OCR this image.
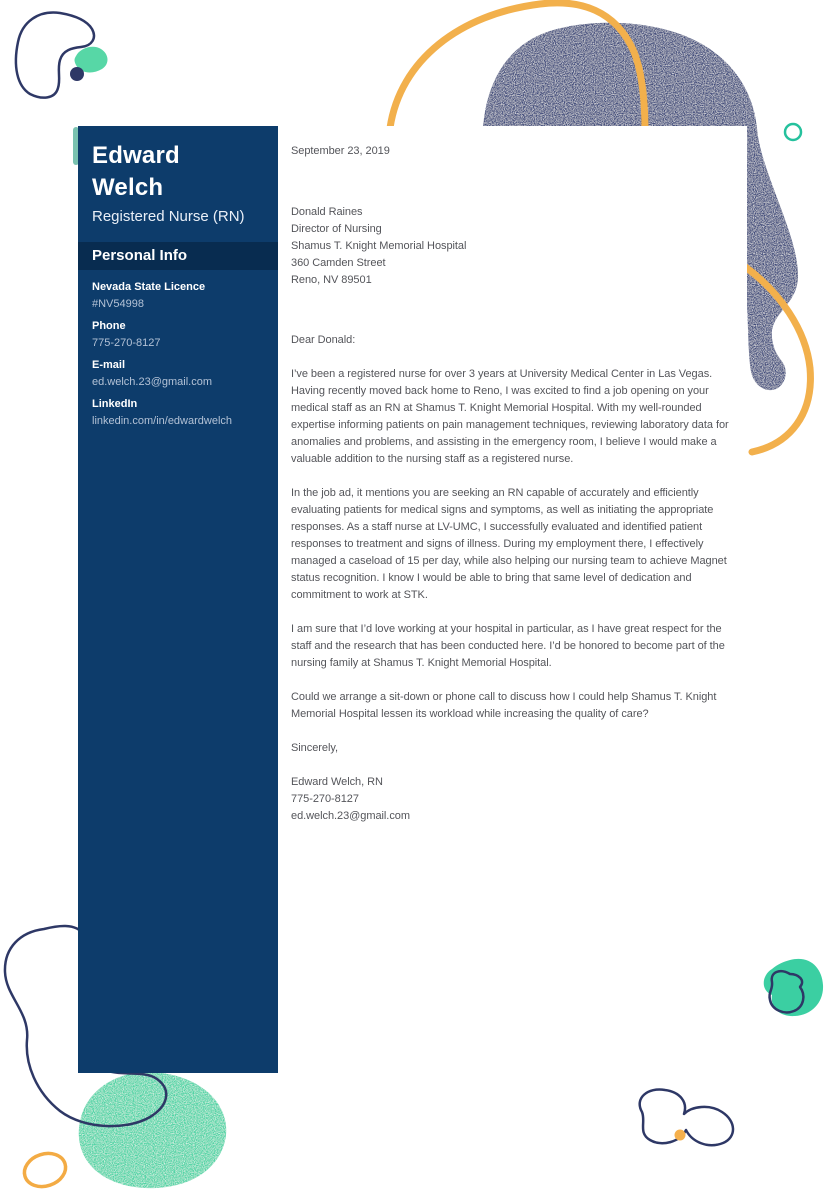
Edward
Welch
Registered Nurse (RN)
Personal Info
Nevada State Licence
#NV54998
Phone
775-270-8127
E-mail
ed.welch.23@gmail.com
LinkedIn
linkedin.com/in/edwardwelch
September 23, 2019
Donald Raines
Director of Nursing
Shamus T. Knight Memorial Hospital
360 Camden Street
Reno, NV 89501
Dear Donald:

I’ve been a registered nurse for over 3 years at University Medical Center in Las Vegas. Having recently moved back home to Reno, I was excited to find a job opening on your medical staff as an RN at Shamus T. Knight Memorial Hospital. With my well-rounded expertise informing patients on pain management techniques, reviewing laboratory data for anomalies and problems, and assisting in the emergency room, I believe I would make a valuable addition to the nursing staff as a registered nurse.

In the job ad, it mentions you are seeking an RN capable of accurately and efficiently evaluating patients for medical signs and symptoms, as well as initiating the appropriate responses. As a staff nurse at LV-UMC, I successfully evaluated and identified patient responses to treatment and signs of illness. During my employment there, I effectively managed a caseload of 15 per day, while also helping our nursing team to achieve Magnet status recognition. I know I would be able to bring that same level of dedication and commitment to work at STK.

I am sure that I’d love working at your hospital in particular, as I have great respect for the staff and the research that has been conducted here. I’d be honored to become part of the nursing family at Shamus T. Knight Memorial Hospital.

Could we arrange a sit-down or phone call to discuss how I could help Shamus T. Knight Memorial Hospital lessen its workload while increasing the quality of care?

Sincerely,
Edward Welch, RN
775-270-8127
ed.welch.23@gmail.com
